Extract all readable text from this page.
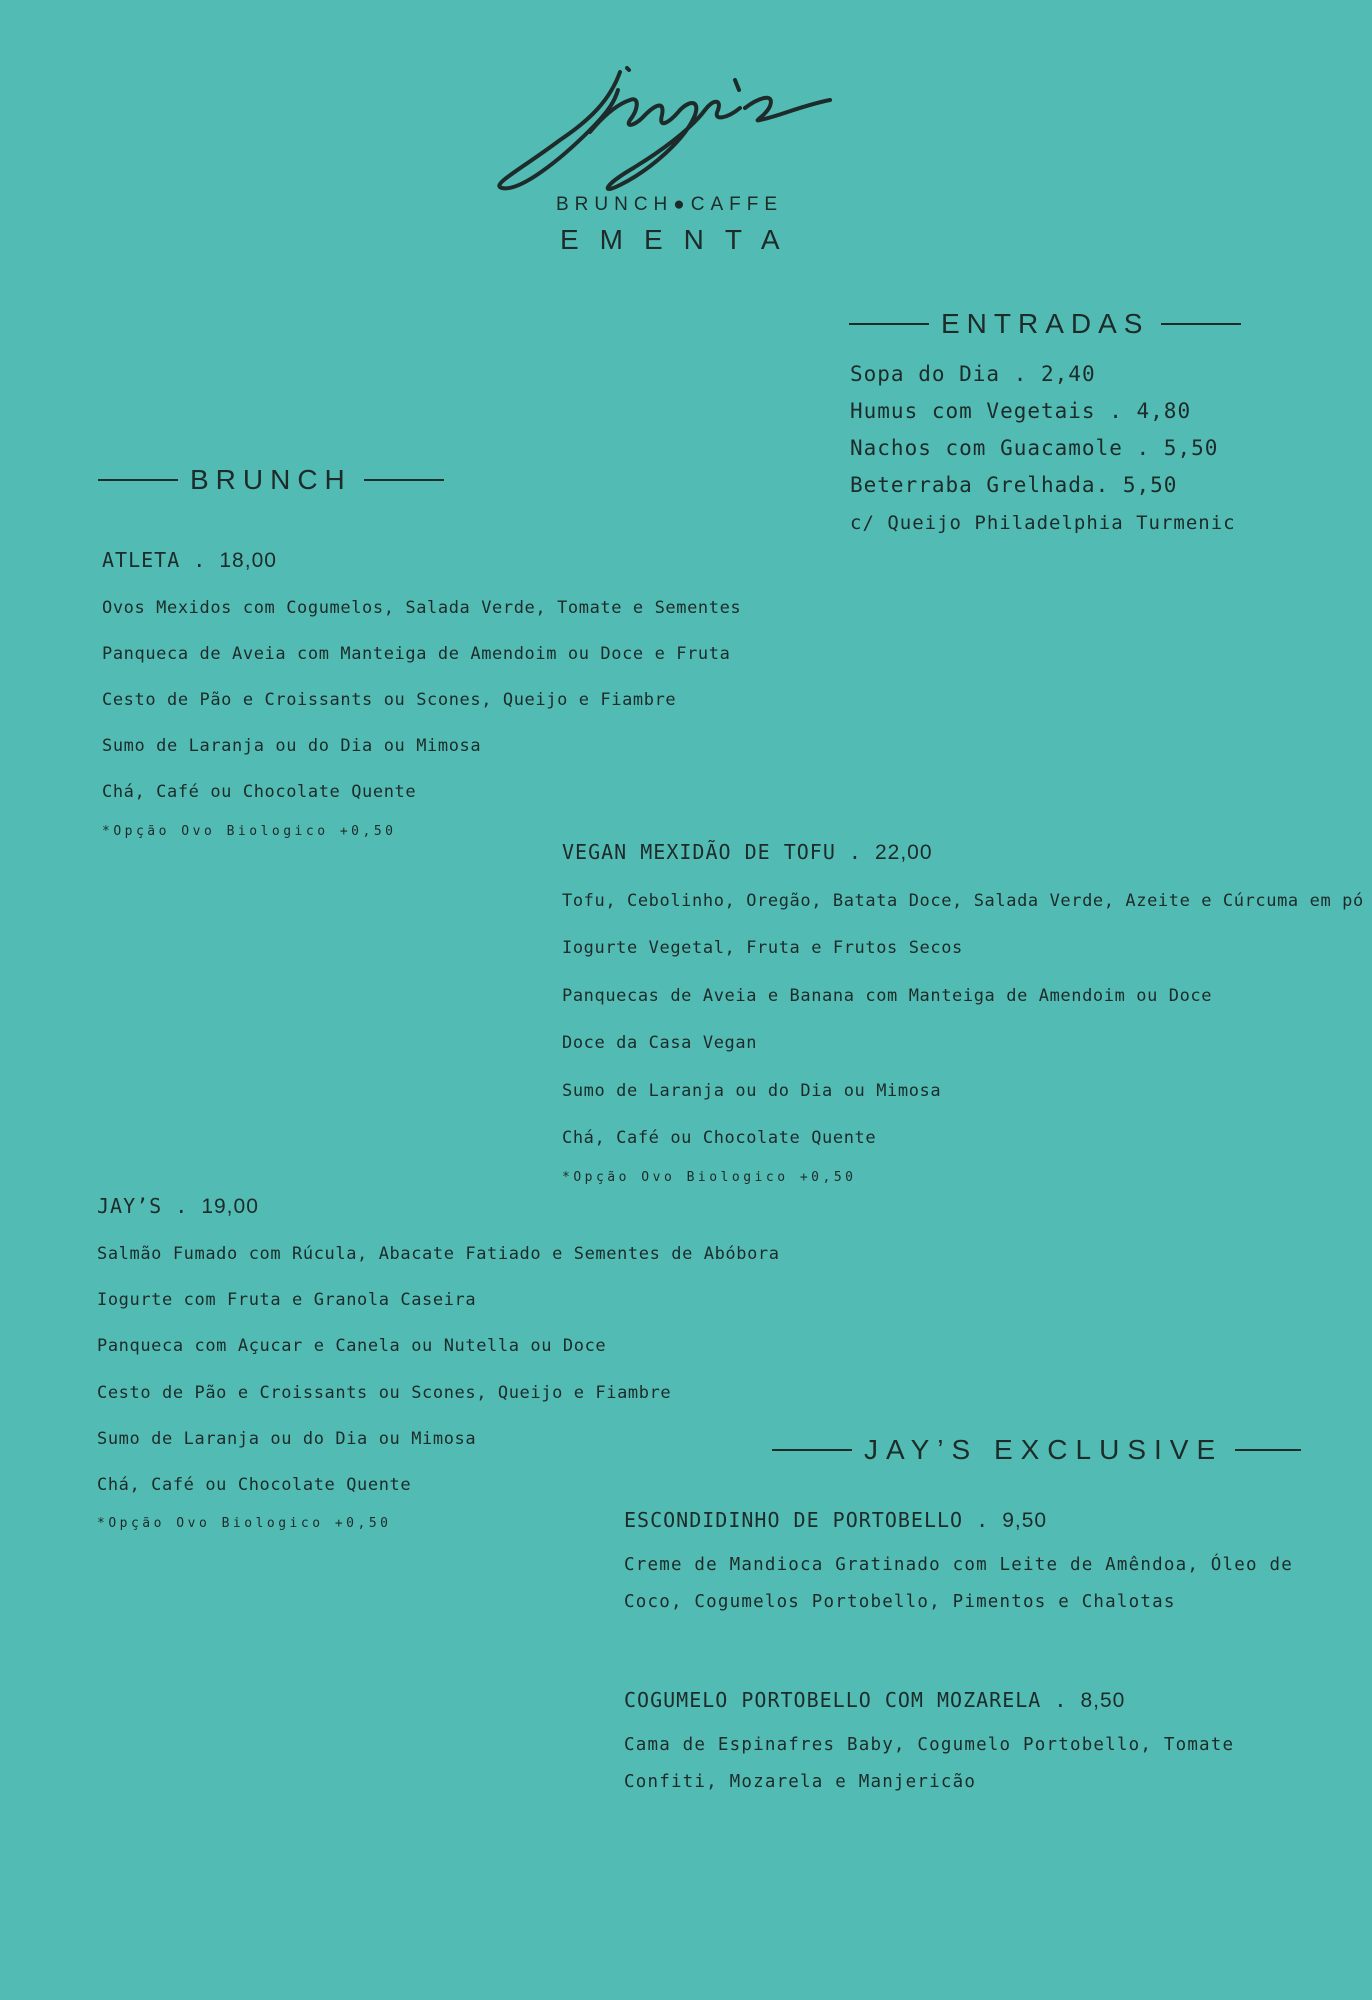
BRUNCH●CAFFE
EMENTA
ENTRADAS
Sopa do Dia . 2,40
Humus com Vegetais . 4,80
Nachos com Guacamole . 5,50
Beterraba Grelhada. 5,50
c/ Queijo Philadelphia Turmenic
BRUNCH
ATLETA . 18,00
Ovos Mexidos com Cogumelos, Salada Verde, Tomate e Sementes
Panqueca de Aveia com Manteiga de Amendoim ou Doce e Fruta
Cesto de Pão e Croissants ou Scones, Queijo e Fiambre
Sumo de Laranja ou do Dia ou Mimosa
Chá, Café ou Chocolate Quente
*Opção Ovo Biologico +0,50
VEGAN MEXIDÃO DE TOFU . 22,00
Tofu, Cebolinho, Oregão, Batata Doce, Salada Verde, Azeite e Cúrcuma em pó
Iogurte Vegetal, Fruta e Frutos Secos
Panquecas de Aveia e Banana com Manteiga de Amendoim ou Doce
Doce da Casa Vegan
Sumo de Laranja ou do Dia ou Mimosa
Chá, Café ou Chocolate Quente
*Opção Ovo Biologico +0,50
JAY’S . 19,00
Salmão Fumado com Rúcula, Abacate Fatiado e Sementes de Abóbora
Iogurte com Fruta e Granola Caseira
Panqueca com Açucar e Canela ou Nutella ou Doce
Cesto de Pão e Croissants ou Scones, Queijo e Fiambre
Sumo de Laranja ou do Dia ou Mimosa
Chá, Café ou Chocolate Quente
*Opção Ovo Biologico +0,50
JAY’S EXCLUSIVE
ESCONDIDINHO DE PORTOBELLO . 9,50
Creme de Mandioca Gratinado com Leite de Amêndoa, Óleo de Coco, Cogumelos Portobello, Pimentos e Chalotas
COGUMELO PORTOBELLO COM MOZARELA . 8,50
Cama de Espinafres Baby, Cogumelo Portobello, Tomate Confiti, Mozarela e Manjericão
